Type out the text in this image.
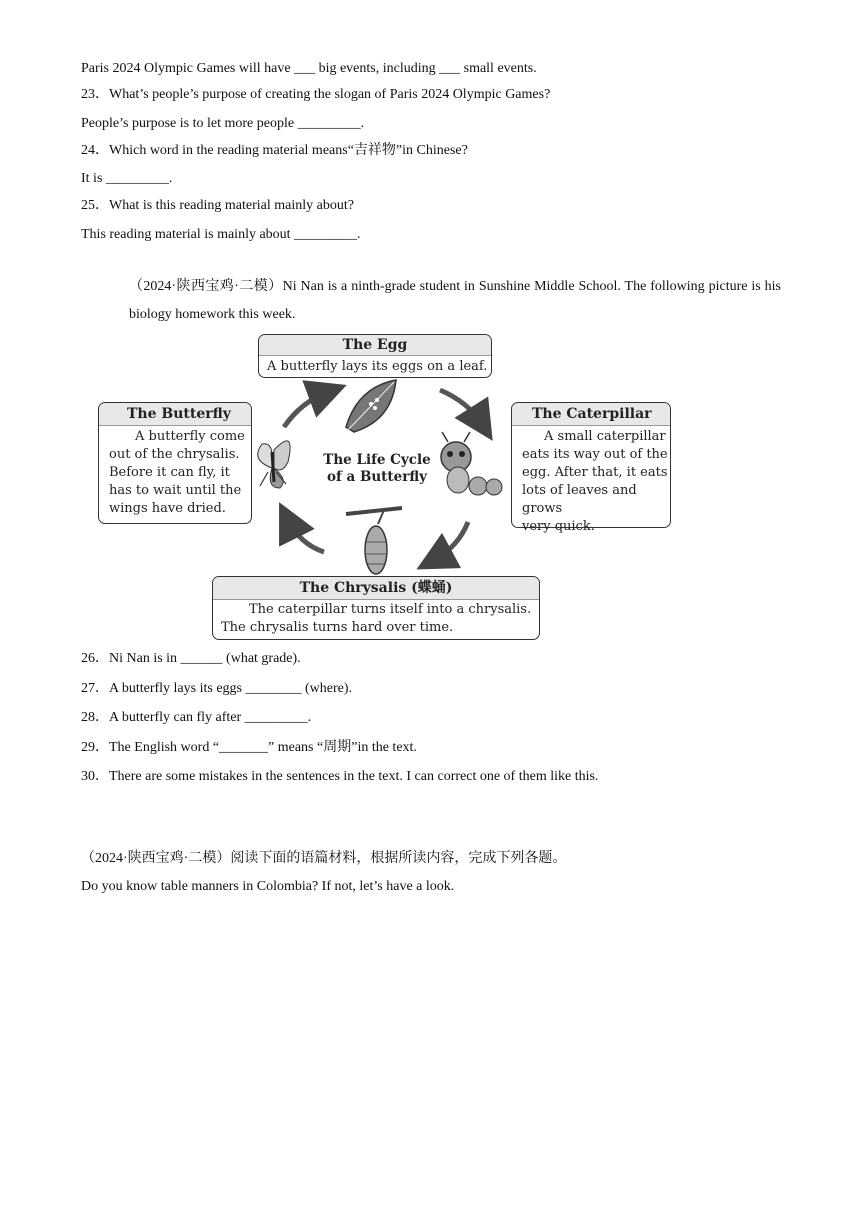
Paris 2024 Olympic Games will have ___ big events, including ___ small events.
23．What’s people’s purpose of creating the slogan of Paris 2024 Olympic Games?
People’s purpose is to let more people _________.
24．Which word in the reading material means“吉祥物”in Chinese?
It is _________.
25．What is this reading material mainly about?
This reading material is mainly about _________.
（2024·陕西宝鸡·二模）Ni Nan is a ninth-grade student in Sunshine Middle School. The following picture is his biology homework this week.
The Egg
A butterfly lays its eggs on a leaf.
The Caterpillar
A small caterpillar
eats its way out of the
egg. After that, it eats
lots of leaves and grows
very quick.
The Butterfly
A butterfly come
out of the chrysalis.
Before it can fly, it
has to wait until the
wings have dried.
The Chrysalis (蝶蛹)
The caterpillar turns itself into a chrysalis.
The chrysalis turns hard over time.
The Life Cycle
of a Butterfly
26．Ni Nan is in ______ (what grade).
27．A butterfly lays its eggs ________ (where).
28．A butterfly can fly after _________.
29．The English word “_______” means “周期”in the text.
30．There are some mistakes in the sentences in the text. I can correct one of them like this.
（2024·陕西宝鸡·二模）阅读下面的语篇材料，根据所读内容，完成下列各题。
Do you know table manners in Colombia? If not, let’s have a look.
